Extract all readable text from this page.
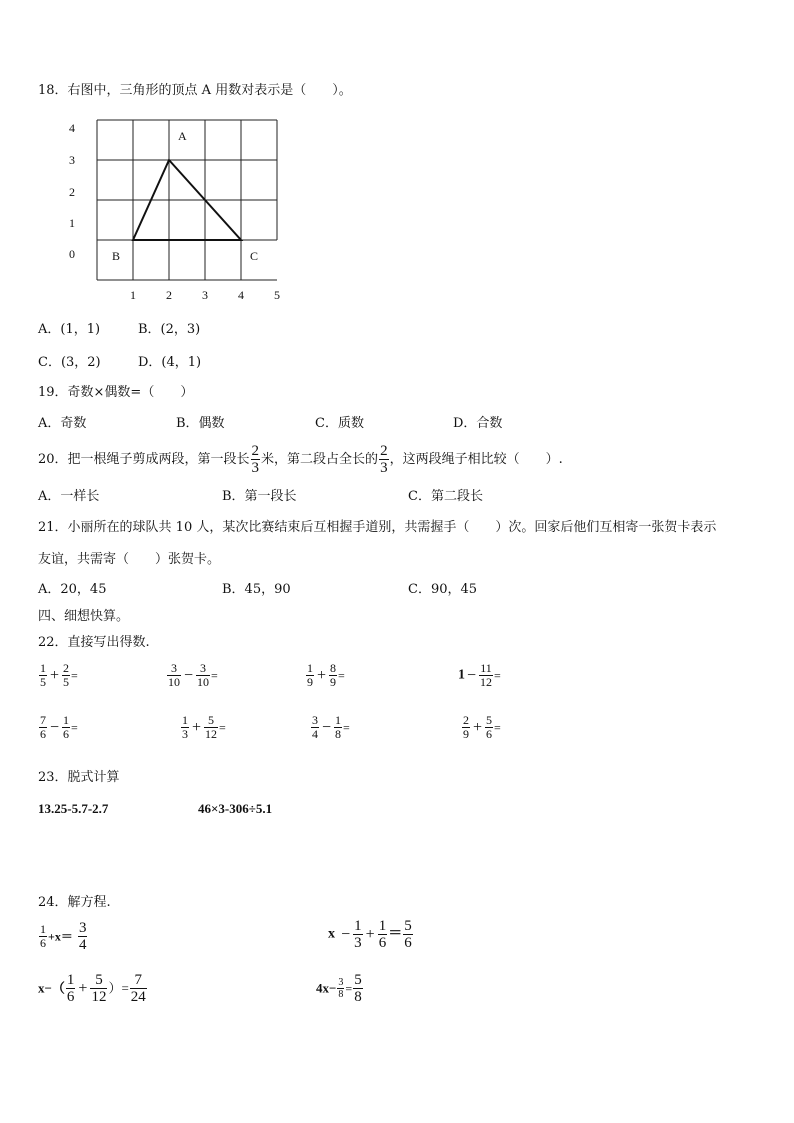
18．右图中，三角形的顶点 A 用数对表示是（　　）。
4
3
2
1
0
1	2	3	4	5
A
B	C
A．(1，1)	B．(2，3)
C．(3，2)	D．(4，1)
19．奇数×偶数=（　　）
A．奇数	B．偶数	C．质数	D．合数
20．把一根绳子剪成两段，第一段长 $\frac{2}{3}$ 米，第二段占全长的 $\frac{2}{3}$ ，这两段绳子相比较（　　）.
A．一样长	B．第一段长	C．第二段长
21．小丽所在的球队共 10 人，某次比赛结束后互相握手道别，共需握手（　　）次。回家后他们互相寄一张贺卡表示
友谊，共需寄（　　）张贺卡。
A．20，45	B．45，90	C．90，45
四、细想快算。
22．直接写出得数.
$\frac{1}{5} + \frac{2}{5}$ =	$\frac{3}{10} - \frac{3}{10}$ =	$\frac{1}{9} + \frac{8}{9}$ =	$1 - \frac{11}{12}$ =
$\frac{7}{6} - \frac{1}{6}$ =	$\frac{1}{3} + \frac{5}{12}$ =	$\frac{3}{4} - \frac{1}{8}$ =	$\frac{2}{9} + \frac{5}{6}$ =
23．脱式计算
13.25-5.7-2.7	46×3-306÷5.1
24．解方程.
$\frac{1}{6} +x= \frac{3}{4}$	$x - \frac{1}{3} + \frac{1}{6} = \frac{5}{6}$
$x-( \frac{1}{6} + \frac{5}{12}$ ）= $\frac{7}{24}$	$4x- \frac{3}{8} = \frac{5}{8}$
